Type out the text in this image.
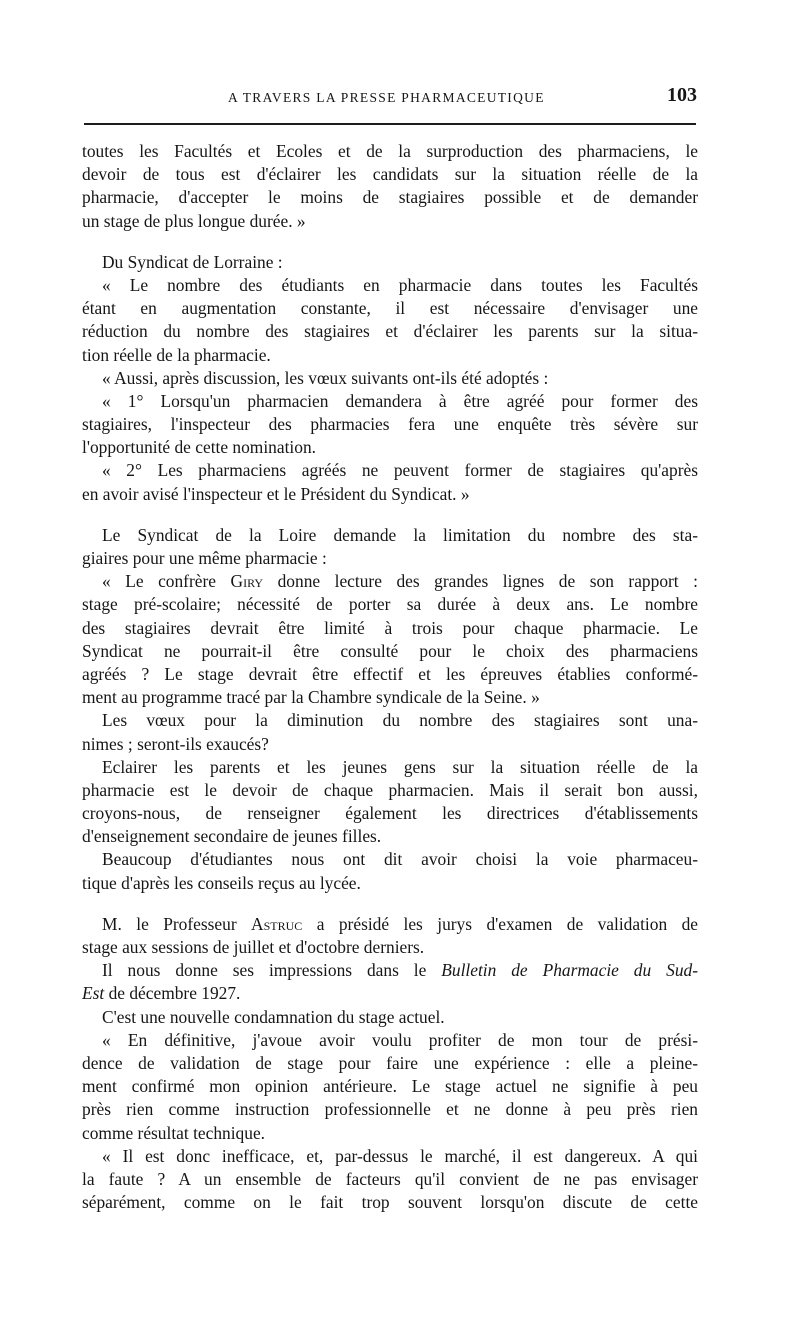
A TRAVERS LA PRESSE PHARMACEUTIQUE	103
toutes les Facultés et Ecoles et de la surproduction des pharmaciens, le
devoir de tous est d'éclairer les candidats sur la situation réelle de la
pharmacie, d'accepter le moins de stagiaires possible et de demander
un stage de plus longue durée. »
Du Syndicat de Lorraine :
« Le nombre des étudiants en pharmacie dans toutes les Facultés
étant en augmentation constante, il est nécessaire d'envisager une
réduction du nombre des stagiaires et d'éclairer les parents sur la situa-
tion réelle de la pharmacie.
« Aussi, après discussion, les vœux suivants ont-ils été adoptés :
« 1° Lorsqu'un pharmacien demandera à être agréé pour former des
stagiaires, l'inspecteur des pharmacies fera une enquête très sévère sur
l'opportunité de cette nomination.
« 2° Les pharmaciens agréés ne peuvent former de stagiaires qu'après
en avoir avisé l'inspecteur et le Président du Syndicat. »
Le Syndicat de la Loire demande la limitation du nombre des sta-
giaires pour une même pharmacie :
« Le confrère Giry donne lecture des grandes lignes de son rapport :
stage pré-scolaire; nécessité de porter sa durée à deux ans. Le nombre
des stagiaires devrait être limité à trois pour chaque pharmacie. Le
Syndicat ne pourrait-il être consulté pour le choix des pharmaciens
agréés ? Le stage devrait être effectif et les épreuves établies conformé-
ment au programme tracé par la Chambre syndicale de la Seine. »
Les vœux pour la diminution du nombre des stagiaires sont una-
nimes ; seront-ils exaucés?
Eclairer les parents et les jeunes gens sur la situation réelle de la
pharmacie est le devoir de chaque pharmacien. Mais il serait bon aussi,
croyons-nous, de renseigner également les directrices d'établissements
d'enseignement secondaire de jeunes filles.
Beaucoup d'étudiantes nous ont dit avoir choisi la voie pharmaceu-
tique d'après les conseils reçus au lycée.
M. le Professeur Astruc a présidé les jurys d'examen de validation de
stage aux sessions de juillet et d'octobre derniers.
Il nous donne ses impressions dans le Bulletin de Pharmacie du Sud-
Est de décembre 1927.
C'est une nouvelle condamnation du stage actuel.
« En définitive, j'avoue avoir voulu profiter de mon tour de prési-
dence de validation de stage pour faire une expérience : elle a pleine-
ment confirmé mon opinion antérieure. Le stage actuel ne signifie à peu
près rien comme instruction professionnelle et ne donne à peu près rien
comme résultat technique.
« Il est donc inefficace, et, par-dessus le marché, il est dangereux. A qui
la faute ? A un ensemble de facteurs qu'il convient de ne pas envisager
séparément, comme on le fait trop souvent lorsqu'on discute de cette
